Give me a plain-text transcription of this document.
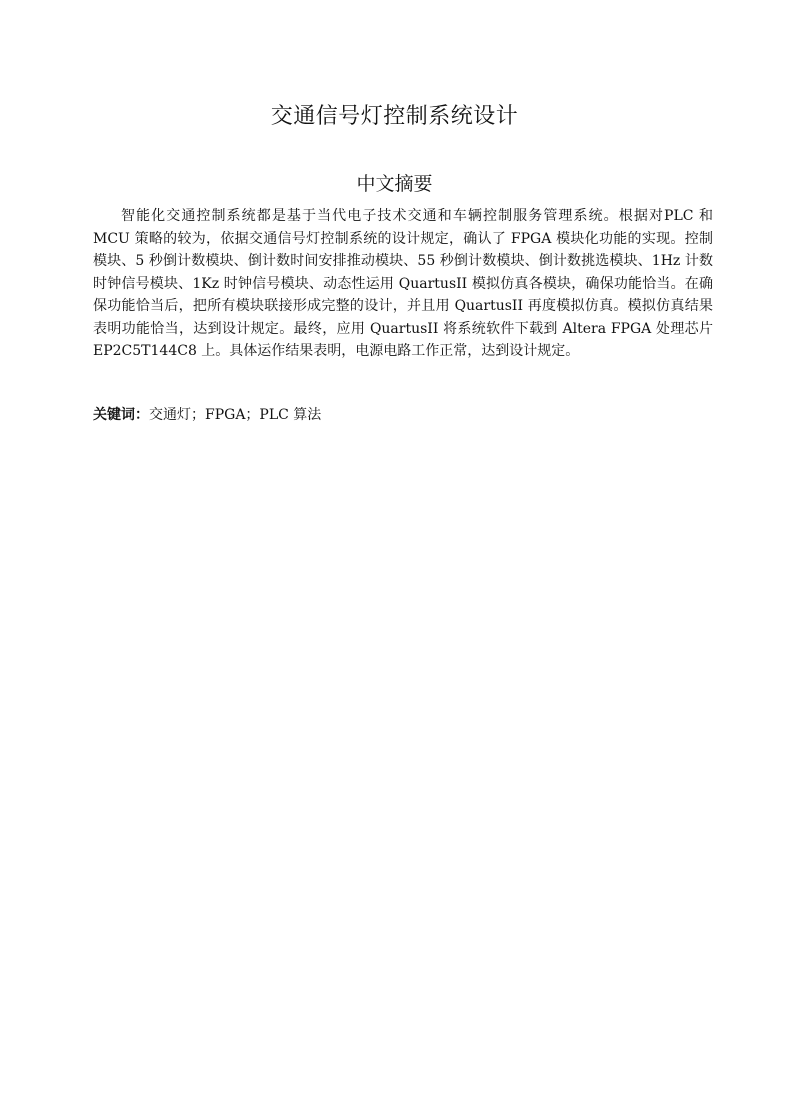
交通信号灯控制系统设计
中文摘要

智能化交通控制系统都是基于当代电子技术交通和车辆控制服务管理系统。根据对PLC 和 MCU 策略的较为，依据交通信号灯控制系统的设计规定，确认了 FPGA 模块化功能的实现。控制模块、5 秒倒计数模块、倒计数时间安排推动模块、55 秒倒计数模块、倒计数挑选模块、1Hz 计数时钟信号模块、1Kz 时钟信号模块、动态性运用 QuartusII 模拟仿真各模块，确保功能恰当。在确保功能恰当后，把所有模块联接形成完整的设计，并且用 QuartusII 再度模拟仿真。模拟仿真结果表明功能恰当，达到设计规定。最终，应用 QuartusII 将系统软件下载到 Altera FPGA 处理芯片 EP2C5T144C8 上。具体运作结果表明，电源电路工作正常，达到设计规定。

关键词：交通灯；FPGA；PLC 算法
